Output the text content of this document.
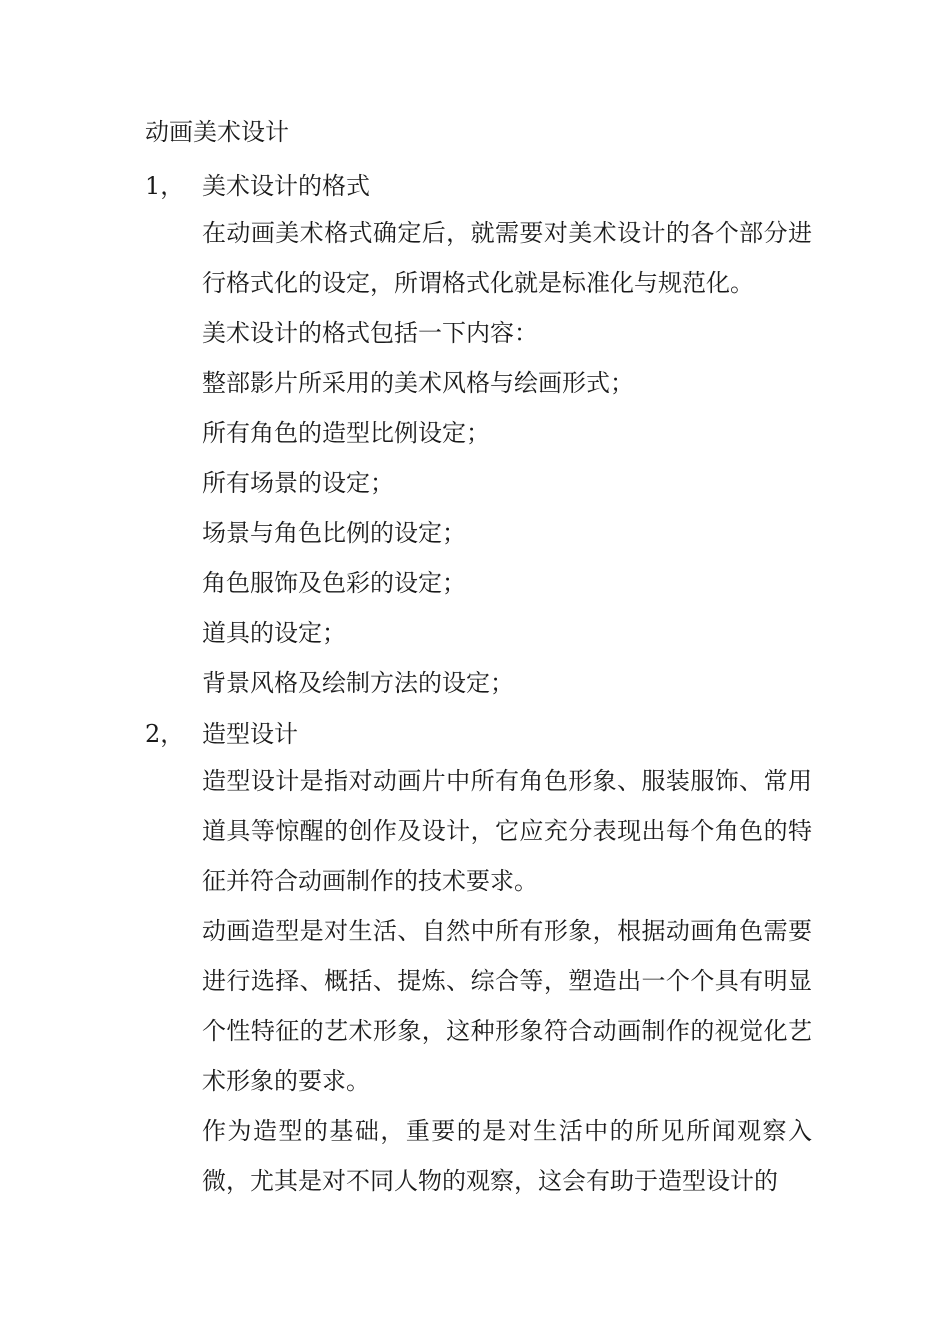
动画美术设计
1， 美术设计的格式

在动画美术格式确定后，就需要对美术设计的各个部分进行格式化的设定，所谓格式化就是标准化与规范化。

美术设计的格式包括一下内容：

整部影片所采用的美术风格与绘画形式；

所有角色的造型比例设定；

所有场景的设定；

场景与角色比例的设定；

角色服饰及色彩的设定；

道具的设定；

背景风格及绘制方法的设定；

2， 造型设计

造型设计是指对动画片中所有角色形象、服装服饰、常用道具等惊醒的创作及设计，它应充分表现出每个角色的特征并符合动画制作的技术要求。

动画造型是对生活、自然中所有形象，根据动画角色需要进行选择、概括、提炼、综合等，塑造出一个个具有明显个性特征的艺术形象，这种形象符合动画制作的视觉化艺术形象的要求。

作为造型的基础，重要的是对生活中的所见所闻观察入微，尤其是对不同人物的观察，这会有助于造型设计的
